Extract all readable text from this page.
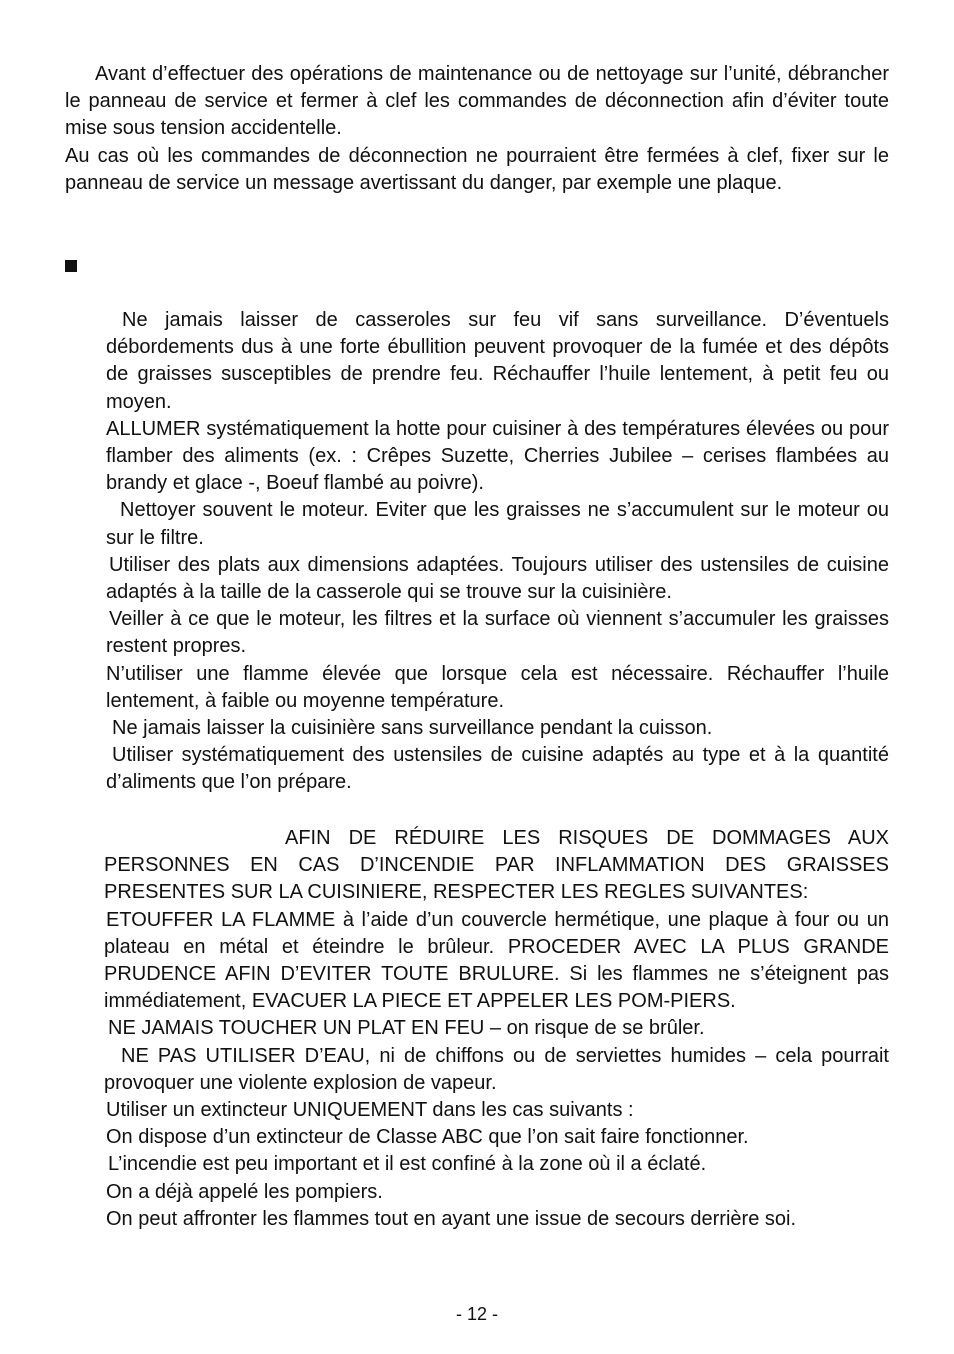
Avant d’effectuer des opérations de maintenance ou de nettoyage sur l’unité, débrancher le panneau de service et fermer à clef les commandes de déconnection afin d’éviter toute mise sous tension accidentelle.

Au cas où les commandes de déconnection ne pourraient être fermées à clef, fixer sur le panneau de service un message avertissant du danger, par exemple une plaque.

Ne jamais laisser de casseroles sur feu vif sans surveillance. D’éventuels débordements dus à une forte ébullition peuvent provoquer de la fumée et des dépôts de graisses susceptibles de prendre feu. Réchauffer l’huile lentement, à petit feu ou moyen.

ALLUMER systématiquement la hotte pour cuisiner à des températures élevées ou pour flamber des aliments (ex. : Crêpes Suzette, Cherries Jubilee – cerises flambées au brandy et glace -, Boeuf flambé au poivre).

Nettoyer souvent le moteur. Eviter que les graisses ne s’accumulent sur le moteur ou sur le filtre.

Utiliser des plats aux dimensions adaptées. Toujours utiliser des ustensiles de cuisine adaptés à la taille de la casserole qui se trouve sur la cuisinière.

Veiller à ce que le moteur, les filtres et la surface où viennent s’accumuler les graisses restent propres.

N’utiliser une flamme élevée que lorsque cela est nécessaire. Réchauffer l’huile lentement, à faible ou moyenne température.

Ne jamais laisser la cuisinière sans surveillance pendant la cuisson.

Utiliser systématiquement des ustensiles de cuisine adaptés au type et à la quantité d’aliments que l’on prépare.

AFIN DE RÉDUIRE LES RISQUES DE DOMMAGES AUX PERSONNES EN CAS D’INCENDIE PAR INFLAMMATION DES GRAISSES PRESENTES SUR LA CUISINIERE, RESPECTER LES REGLES SUIVANTES:

ETOUFFER LA FLAMME à l’aide d’un couvercle hermétique, une plaque à four ou un plateau en métal et éteindre le brûleur. PROCEDER AVEC LA PLUS GRANDE PRUDENCE AFIN D’EVITER TOUTE BRULURE. Si les flammes ne s’éteignent pas immédiatement, EVACUER LA PIECE ET APPELER LES POM-PIERS.

NE JAMAIS TOUCHER UN PLAT EN FEU – on risque de se brûler.

NE PAS UTILISER D’EAU, ni de chiffons ou de serviettes humides – cela pourrait provoquer une violente explosion de vapeur.

Utiliser un extincteur UNIQUEMENT dans les cas suivants :

On dispose d’un extincteur de Classe ABC que l’on sait faire fonctionner.

L’incendie est peu important et il est confiné à la zone où il a éclaté.

On a déjà appelé les pompiers.

On peut affronter les flammes tout en ayant une issue de secours derrière soi.

- 12 -
